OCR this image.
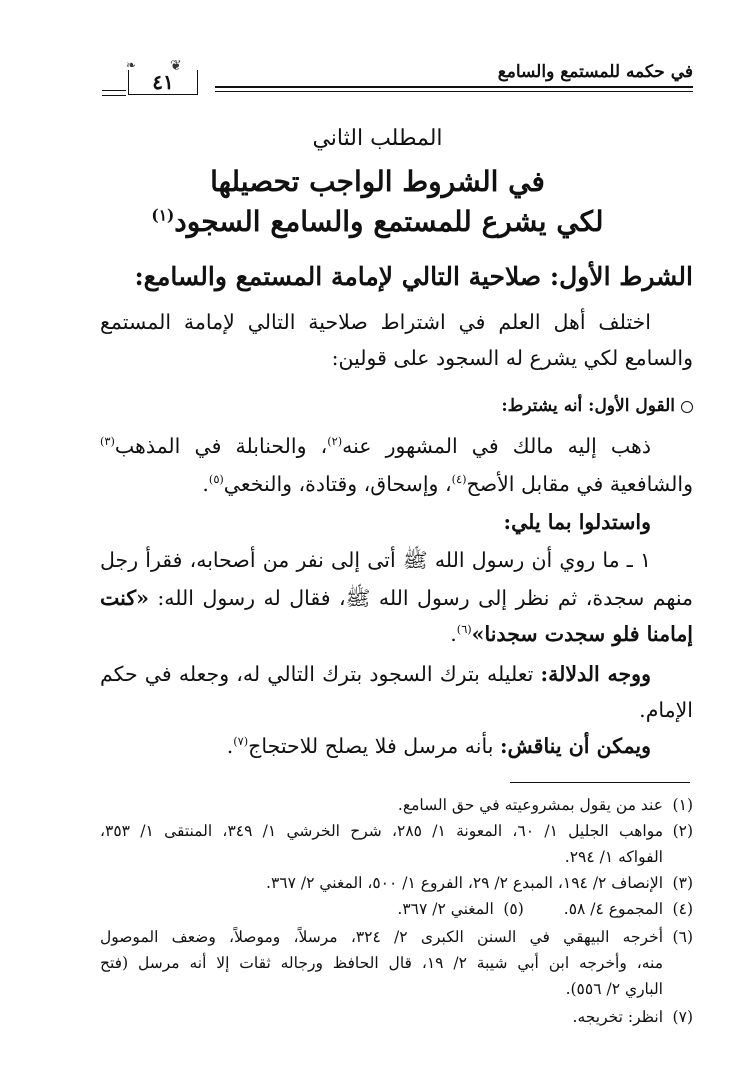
في حكمه للمستمع والسامع
❦
❧
٤١
المطلب الثاني
في الشروط الواجب تحصيلها
لكي يشرع للمستمع والسامع السجود$^{(١)}$
الشرط الأول: صلاحية التالي لإمامة المستمع والسامع:
اختلف أهل العلم في اشتراط صلاحية التالي لإمامة المستمع
والسامع لكي يشرع له السجود على قولين:
القول الأول: أنه يشترط:
ذهب إليه مالك في المشهور عنه$^{(٢)}$، والحنابلة في المذهب$^{(٣)}$
والشافعية في مقابل الأصح$^{(٤)}$، وإسحاق، وقتادة، والنخعي$^{(٥)}$.
واستدلوا بما يلي:
١ ـ ما روي أن رسول الله ﷺ أتى إلى نفر من أصحابه، فقرأ رجل
منهم سجدة، ثم نظر إلى رسول الله ﷺ، فقال له رسول الله: «كنت
إمامنا فلو سجدت سجدنا»$^{(٦)}$.
ووجه الدلالة: تعليله بترك السجود بترك التالي له، وجعله في حكم
الإمام.
ويمكن أن يناقش: بأنه مرسل فلا يصلح للاحتجاج$^{(٧)}$.
(١)عند من يقول بمشروعيته في حق السامع.
(٢)مواهب الجليل ١/ ٦٠، المعونة ١/ ٢٨٥، شرح الخرشي ١/ ٣٤٩، المنتقى ١/ ٣٥٣،
الفواكه ١/ ٢٩٤.
(٣)الإنصاف ٢/ ١٩٤، المبدع ٢/ ٢٩، الفروع ١/ ٥٠٠، المغني ٢/ ٣٦٧.
(٤)المجموع ٤/ ٥٨.(٥)المغني ٢/ ٣٦٧.
(٦)أخرجه البيهقي في السنن الكبرى ٢/ ٣٢٤، مرسلاً، وموصلاً، وضعف الموصول
منه، وأخرجه ابن أبي شيبة ٢/ ١٩، قال الحافظ ورجاله ثقات إلا أنه مرسل (فتح
الباري ٢/ ٥٥٦).
(٧)انظر: تخريجه.
